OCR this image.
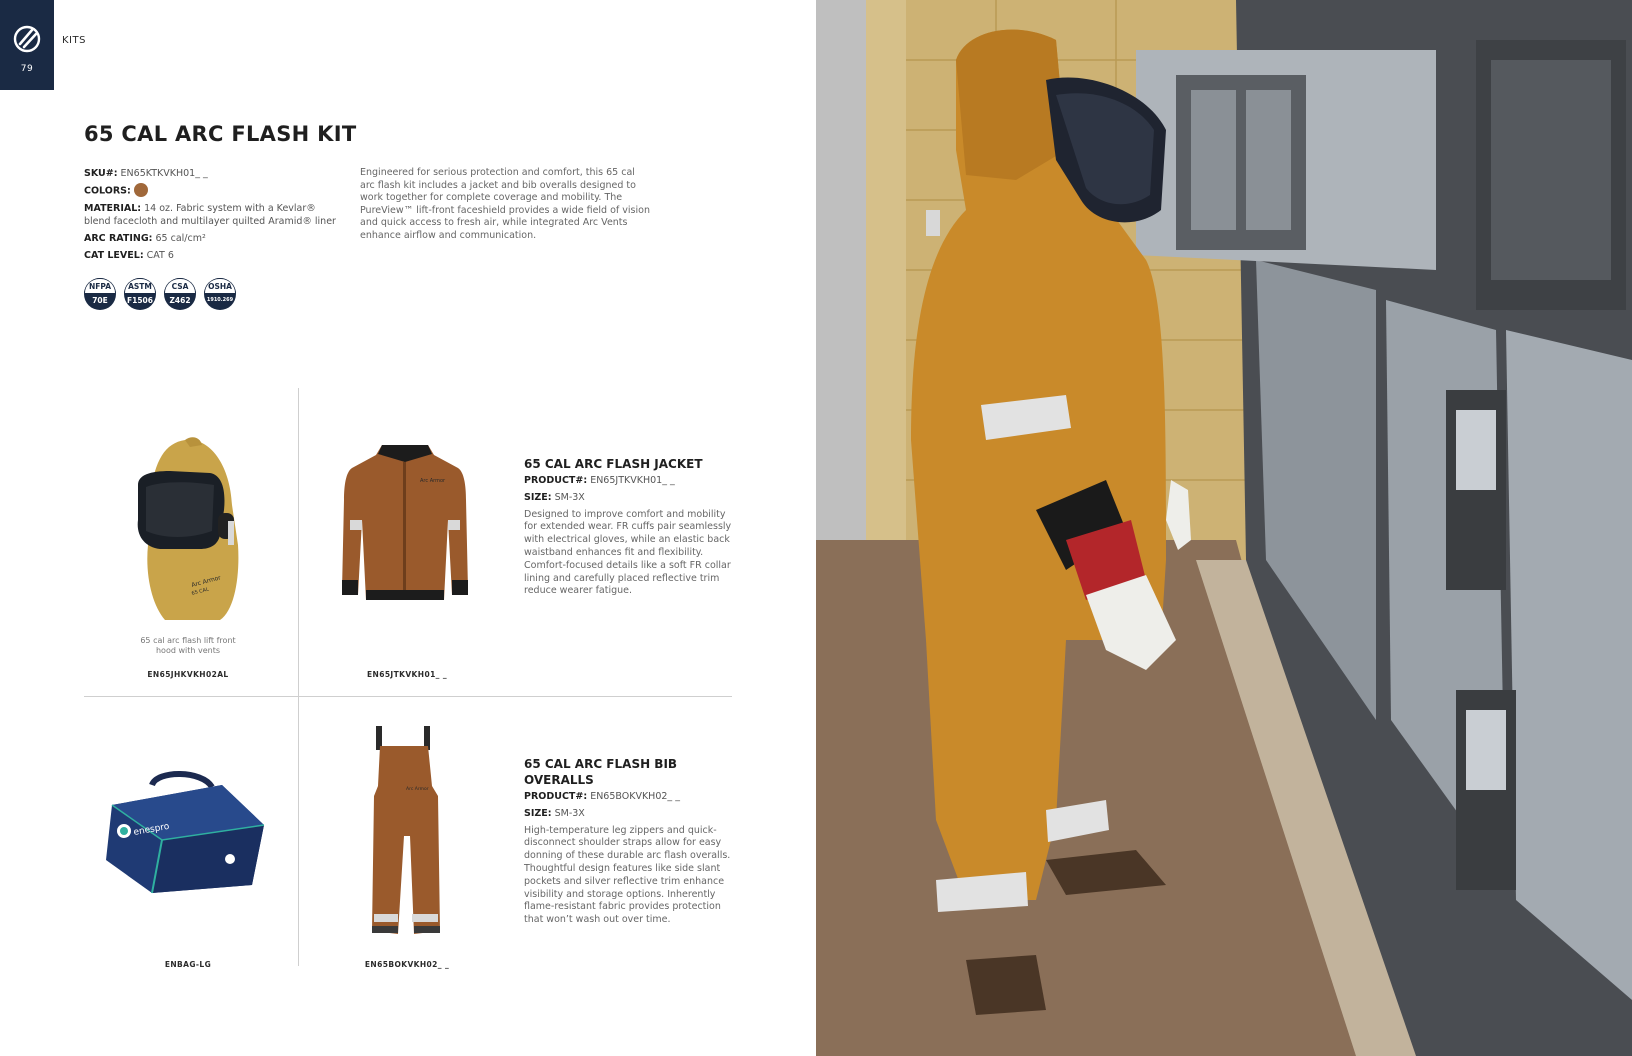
79
KITS
65 CAL ARC FLASH KIT
SKU#: EN65KTKVKH01_ _
COLORS:
MATERIAL: 14 oz. Fabric system with a Kevlar® blend facecloth and multilayer quilted Aramid® liner
ARC RATING: 65 cal/cm²
CAT LEVEL: CAT 6
Engineered for serious protection and comfort, this 65 cal arc flash kit includes a jacket and bib overalls designed to work together for complete coverage and mobility. The PureView™ lift-front faceshield provides a wide field of vision and quick access to fresh air, while integrated Arc Vents enhance airflow and communication.
NFPA
70E
ASTM
F1506
CSA
Z462
OSHA
1910.269
Arc Armor
65 CAL
65 cal arc flash lift front hood with vents
EN65JHKVKH02AL
Arc Armor
EN65JTKVKH01_ _
65 CAL ARC FLASH JACKET
PRODUCT#: EN65JTKVKH01_ _
SIZE: SM-3X
Designed to improve comfort and mobility for extended wear. FR cuffs pair seamlessly with electrical gloves, while an elastic back waistband enhances fit and flexibility. Comfort-focused details like a soft FR collar lining and carefully placed reflective trim reduce wearer fatigue.
enespro
ENBAG-LG
Arc Armor
EN65BOKVKH02_ _
65 CAL ARC FLASH BIB OVERALLS
PRODUCT#: EN65BOKVKH02_ _
SIZE: SM-3X
High-temperature leg zippers and quick-disconnect shoulder straps allow for easy donning of these durable arc flash overalls. Thoughtful design features like side slant pockets and silver reflective trim enhance visibility and storage options. Inherently flame-resistant fabric provides protection that won’t wash out over time.
